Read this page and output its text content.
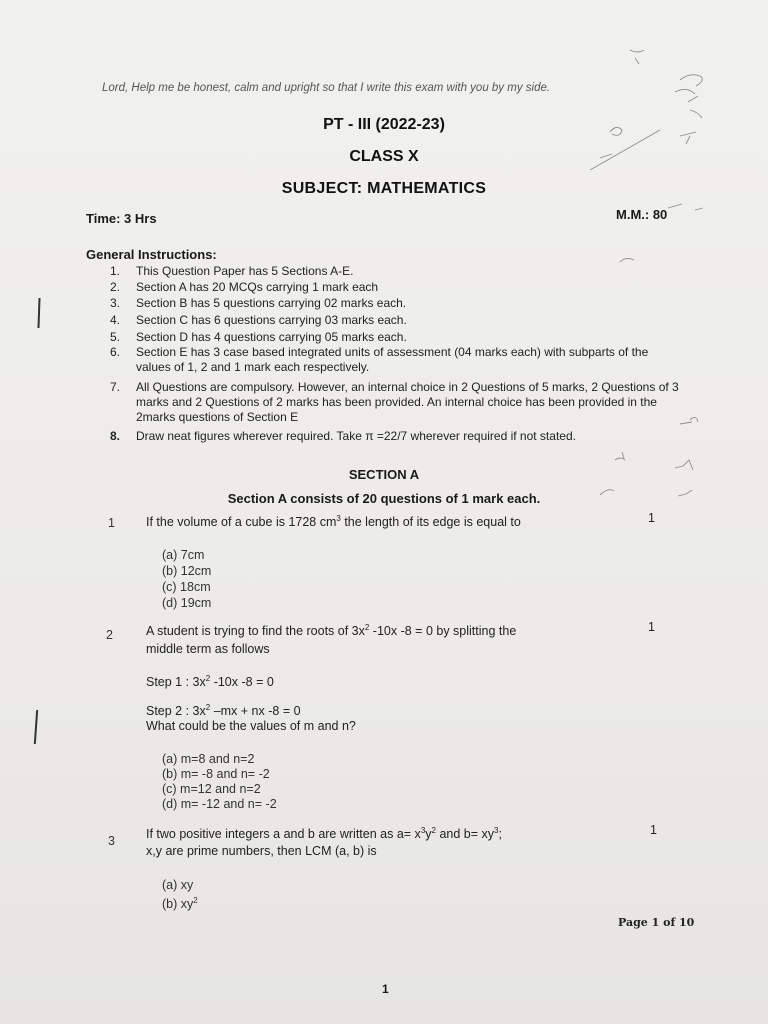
Lord, Help me be honest, calm and upright so that I write this exam with you by my side.
PT - III (2022-23)
CLASS X
SUBJECT: MATHEMATICS
Time: 3 Hrs	M.M.: 80
General Instructions:
1. This Question Paper has 5 Sections A-E.
2. Section A has 20 MCQs carrying 1 mark each
3. Section B has 5 questions carrying 02 marks each.
4. Section C has 6 questions carrying 03 marks each.
5. Section D has 4 questions carrying 05 marks each.
6. Section E has 3 case based integrated units of assessment (04 marks each) with subparts of the values of 1, 2 and 1 mark each respectively.
7. All Questions are compulsory. However, an internal choice in 2 Questions of 5 marks, 2 Questions of 3 marks and 2 Questions of 2 marks has been provided. An internal choice has been provided in the 2marks questions of Section E
8. Draw neat figures wherever required. Take π =22/7 wherever required if not stated.
SECTION A
Section A consists of 20 questions of 1 mark each.
1 If the volume of a cube is 1728 $cm^3$ the length of its edge is equal to	1
(a) 7cm
(b) 12cm
(c) 18cm
(d) 19cm
2	A student is trying to find the roots of $3x^2$ -10x -8 = 0 by splitting the	1
middle term as follows
Step 1 : $3x^2$ -10x -8 = 0
Step 2 : $3x^2$ –mx + nx -8 = 0
What could be the values of m and n?
(a) m=8 and n=2
(b) m= -8 and n= -2
(c) m=12 and n=2
(d) m= -12 and n= -2
3 If two positive integers a and b are written as $a= x^3y^2$ and $b= xy^3$;	1
x,y are prime numbers, then LCM (a, b) is
(a) xy
(b) $xy^2$
Page 1 of 10
1
